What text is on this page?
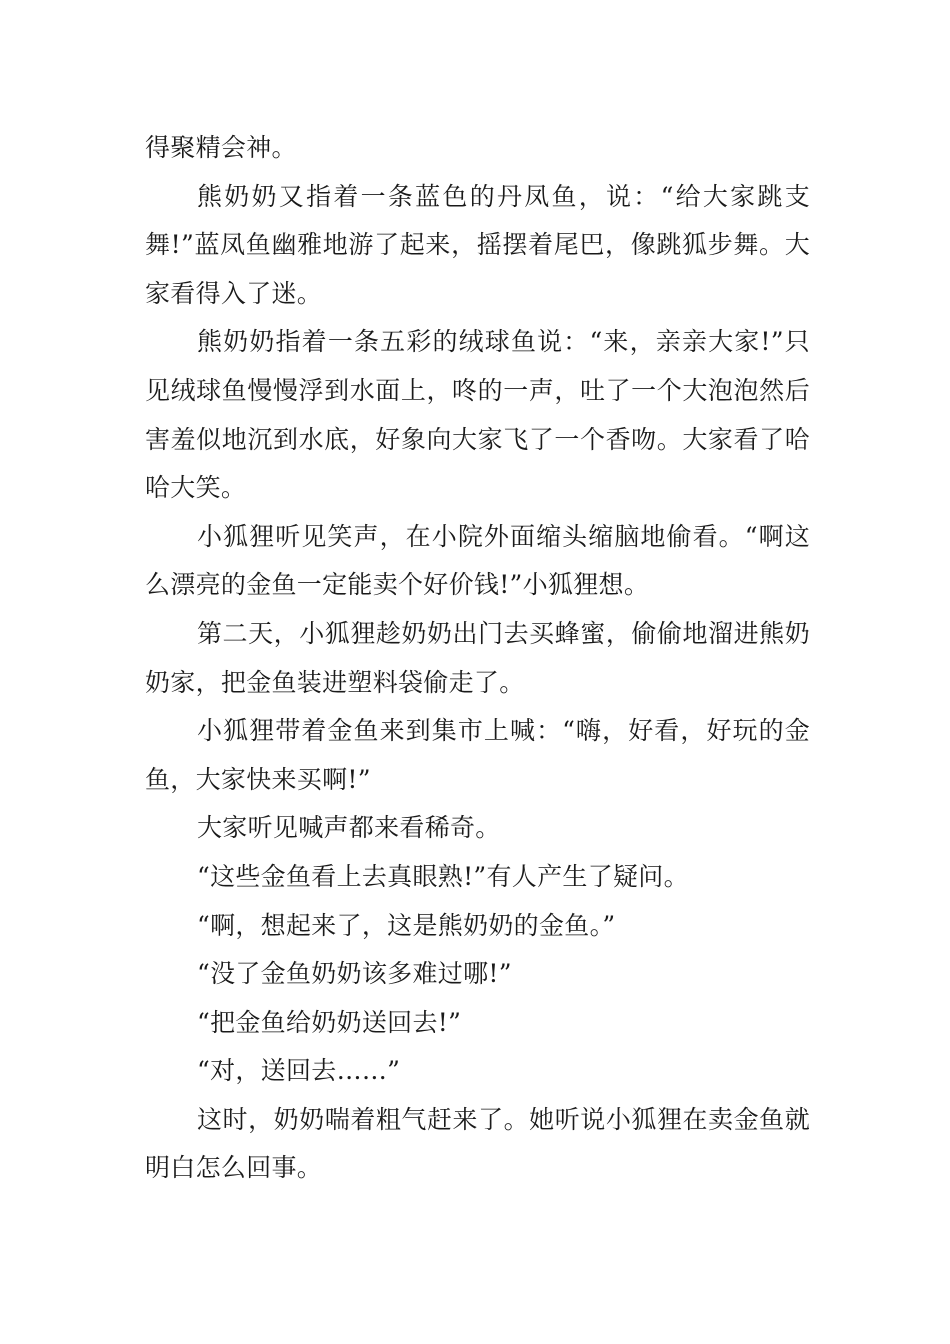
得聚精会神。

熊奶奶又指着一条蓝色的丹凤鱼，说：“给大家跳支舞!”蓝凤鱼幽雅地游了起来，摇摆着尾巴，像跳狐步舞。大家看得入了迷。

熊奶奶指着一条五彩的绒球鱼说：“来，亲亲大家!”只见绒球鱼慢慢浮到水面上，咚的一声，吐了一个大泡泡然后害羞似地沉到水底，好象向大家飞了一个香吻。大家看了哈哈大笑。

小狐狸听见笑声，在小院外面缩头缩脑地偷看。“啊这么漂亮的金鱼一定能卖个好价钱!”小狐狸想。

第二天，小狐狸趁奶奶出门去买蜂蜜，偷偷地溜进熊奶奶家，把金鱼装进塑料袋偷走了。

小狐狸带着金鱼来到集市上喊：“嗨，好看，好玩的金鱼，大家快来买啊!”

大家听见喊声都来看稀奇。

“这些金鱼看上去真眼熟!”有人产生了疑问。

“啊，想起来了，这是熊奶奶的金鱼。”

“没了金鱼奶奶该多难过哪!”

“把金鱼给奶奶送回去!”

“对，送回去……”

这时，奶奶喘着粗气赶来了。她听说小狐狸在卖金鱼就明白怎么回事。
